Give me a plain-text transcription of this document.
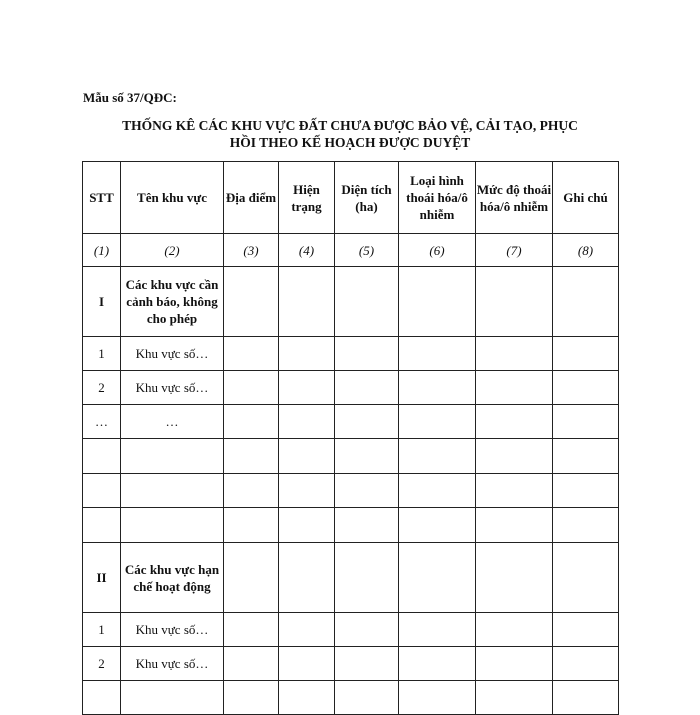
Mẫu số 37/QĐC:
THỐNG KÊ CÁC KHU VỰC ĐẤT CHƯA ĐƯỢC BẢO VỆ, CẢI TẠO, PHỤC
HỒI THEO KẾ HOẠCH ĐƯỢC DUYỆT
STT	Tên khu vực	Địa điểm	Hiện trạng	Diện tích (ha)	Loại hình thoái hóa/ô nhiễm	Mức độ thoái hóa/ô nhiễm	Ghi chú
(1)	(2)	(3)	(4)	(5)	(6)	(7)	(8)
I	Các khu vực cần cảnh báo, không cho phép						
1	Khu vực số…						
2	Khu vực số…						
…	…						

II	Các khu vực hạn chế hoạt động						
1	Khu vực số…						
2	Khu vực số…						
